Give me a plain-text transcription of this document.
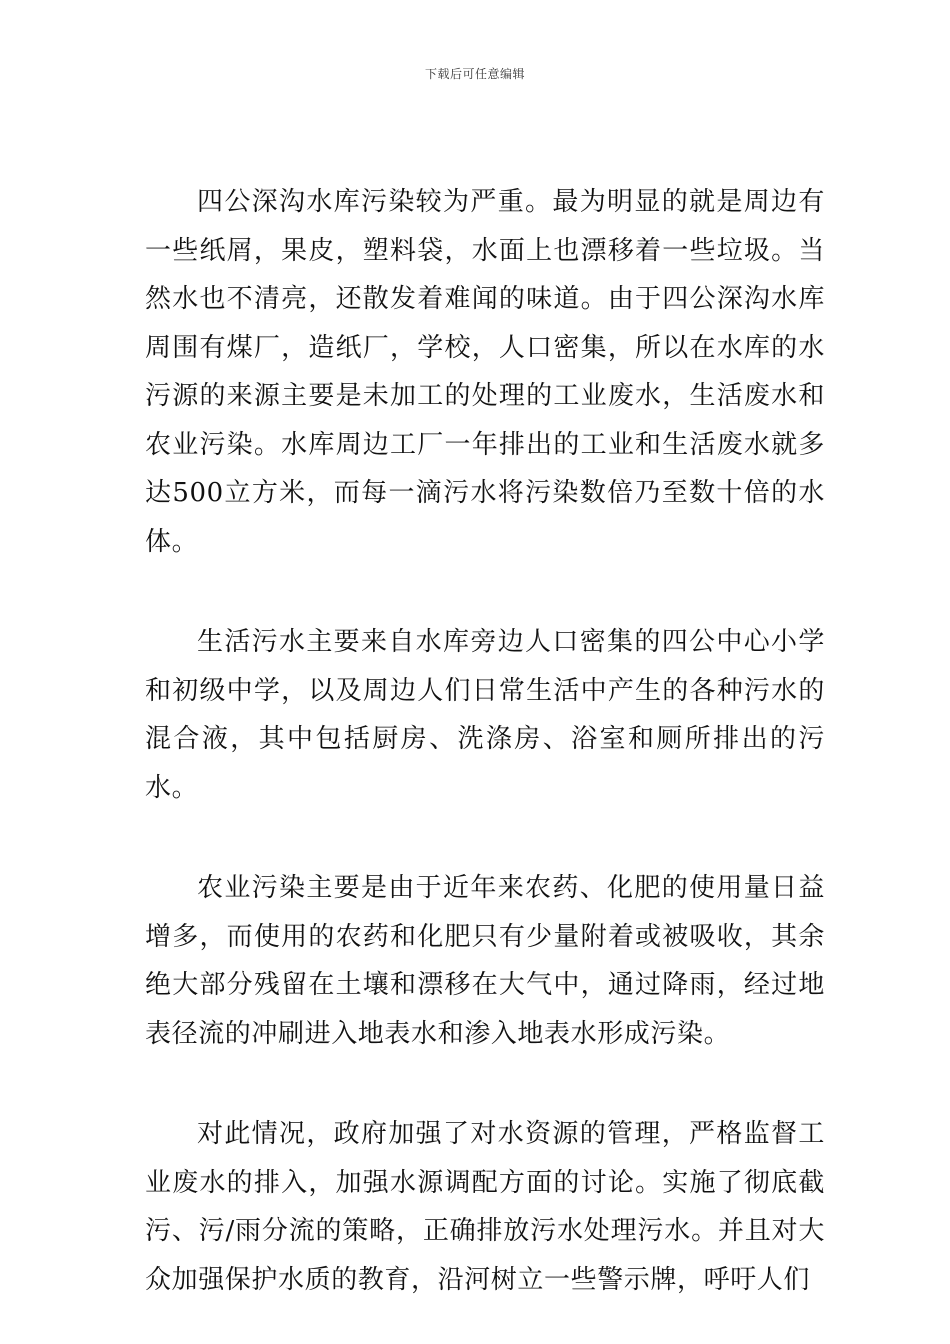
下载后可任意编辑

四公深沟水库污染较为严重。最为明显的就是周边有一些纸屑，果皮，塑料袋，水面上也漂移着一些垃圾。当然水也不清亮，还散发着难闻的味道。由于四公深沟水库周围有煤厂，造纸厂，学校，人口密集，所以在水库的水污源的来源主要是未加工的处理的工业废水，生活废水和农业污染。水库周边工厂一年排出的工业和生活废水就多达500立方米，而每一滴污水将污染数倍乃至数十倍的水体。

生活污水主要来自水库旁边人口密集的四公中心小学和初级中学，以及周边人们日常生活中产生的各种污水的混合液，其中包括厨房、洗涤房、浴室和厕所排出的污水。

农业污染主要是由于近年来农药、化肥的使用量日益增多，而使用的农药和化肥只有少量附着或被吸收，其余绝大部分残留在土壤和漂移在大气中，通过降雨，经过地表径流的冲刷进入地表水和渗入地表水形成污染。

对此情况，政府加强了对水资源的管理，严格监督工业废水的排入，加强水源调配方面的讨论。实施了彻底截污、污/雨分流的策略，正确排放污水处理污水。并且对大众加强保护水质的教育，沿河树立一些警示牌，呼吁人们
